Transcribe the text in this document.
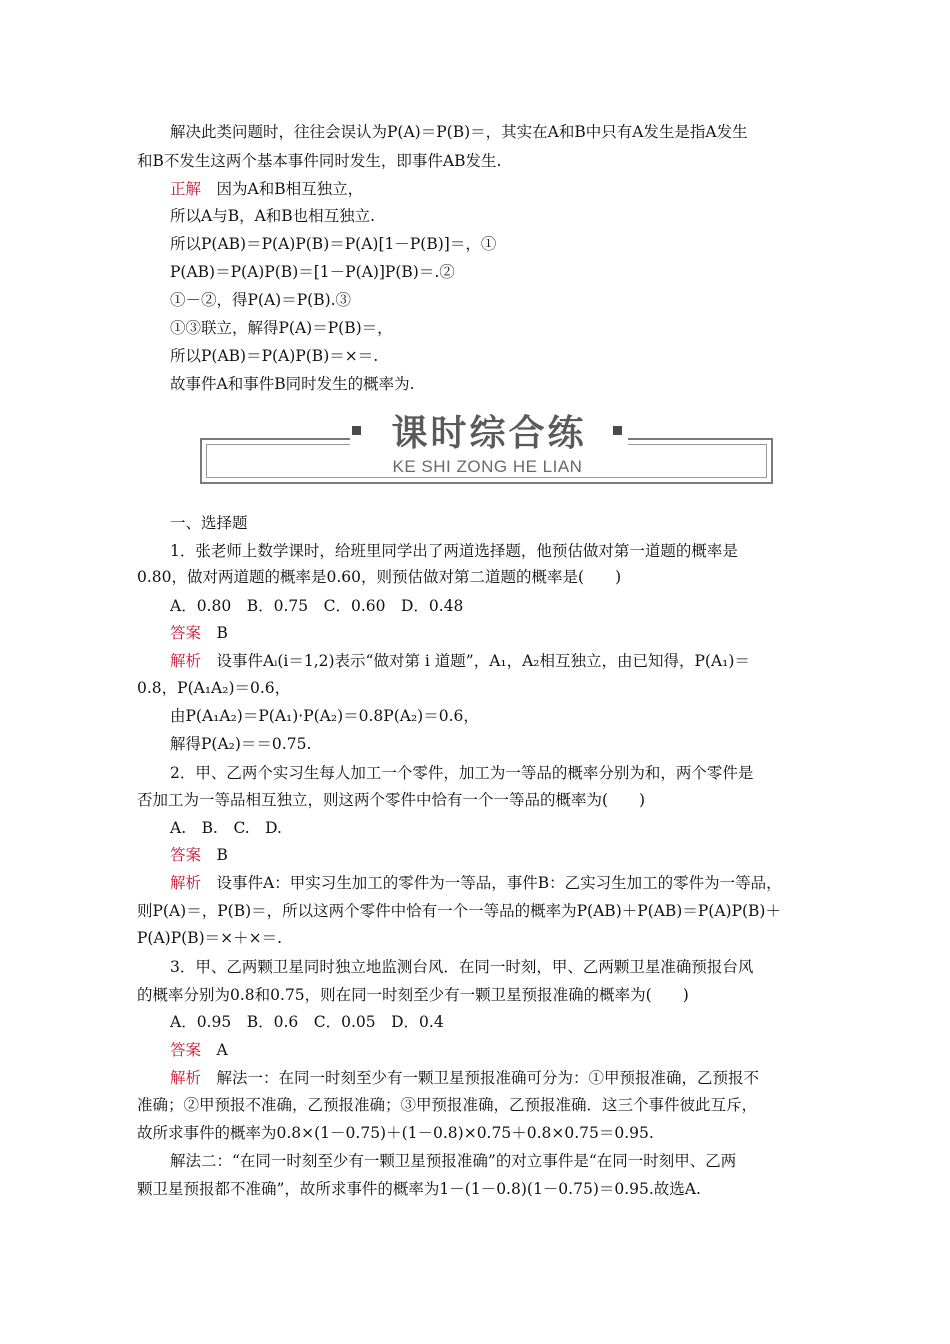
解决此类问题时，往往会误认为P(A)＝P(B)＝，其实在A和B中只有A发生是指A发生
和B不发生这两个基本事件同时发生，即事件AB发生.
正解　因为A和B相互独立，
所以A与B，A和B也相互独立.
所以P(AB)＝P(A)P(B)＝P(A)[1－P(B)]＝，①
P(AB)＝P(A)P(B)＝[1－P(A)]P(B)＝.②
①－②，得P(A)＝P(B).③
①③联立，解得P(A)＝P(B)＝，
所以P(AB)＝P(A)P(B)＝×＝.
故事件A和事件B同时发生的概率为.
课时综合练
KE SHI ZONG HE LIAN
一、选择题
1．张老师上数学课时，给班里同学出了两道选择题，他预估做对第一道题的概率是
0.80，做对两道题的概率是0.60，则预估做对第二道题的概率是(　　)
A．0.80　B．0.75　C．0.60　D．0.48
答案　B
解析　设事件Aᵢ(i＝1,2)表示“做对第 i 道题”，A₁，A₂相互独立，由已知得，P(A₁)＝
0.8，P(A₁A₂)＝0.6，
由P(A₁A₂)＝P(A₁)·P(A₂)＝0.8P(A₂)＝0.6，
解得P(A₂)＝＝0.75.
2．甲、乙两个实习生每人加工一个零件，加工为一等品的概率分别为和，两个零件是
否加工为一等品相互独立，则这两个零件中恰有一个一等品的概率为(　　)
A.　B.　C.　D.
答案　B
解析　设事件A：甲实习生加工的零件为一等品，事件B：乙实习生加工的零件为一等品，
则P(A)＝，P(B)＝，所以这两个零件中恰有一个一等品的概率为P(AB)＋P(AB)＝P(A)P(B)＋
P(A)P(B)＝×＋×＝.
3．甲、乙两颗卫星同时独立地监测台风．在同一时刻，甲、乙两颗卫星准确预报台风
的概率分别为0.8和0.75，则在同一时刻至少有一颗卫星预报准确的概率为(　　)
A．0.95　B．0.6　C．0.05　D．0.4
答案　A
解析　解法一：在同一时刻至少有一颗卫星预报准确可分为：①甲预报准确，乙预报不
准确；②甲预报不准确，乙预报准确；③甲预报准确，乙预报准确．这三个事件彼此互斥，
故所求事件的概率为0.8×(1－0.75)＋(1－0.8)×0.75＋0.8×0.75＝0.95.
解法二：“在同一时刻至少有一颗卫星预报准确”的对立事件是“在同一时刻甲、乙两
颗卫星预报都不准确”，故所求事件的概率为1－(1－0.8)(1－0.75)＝0.95.故选A.
